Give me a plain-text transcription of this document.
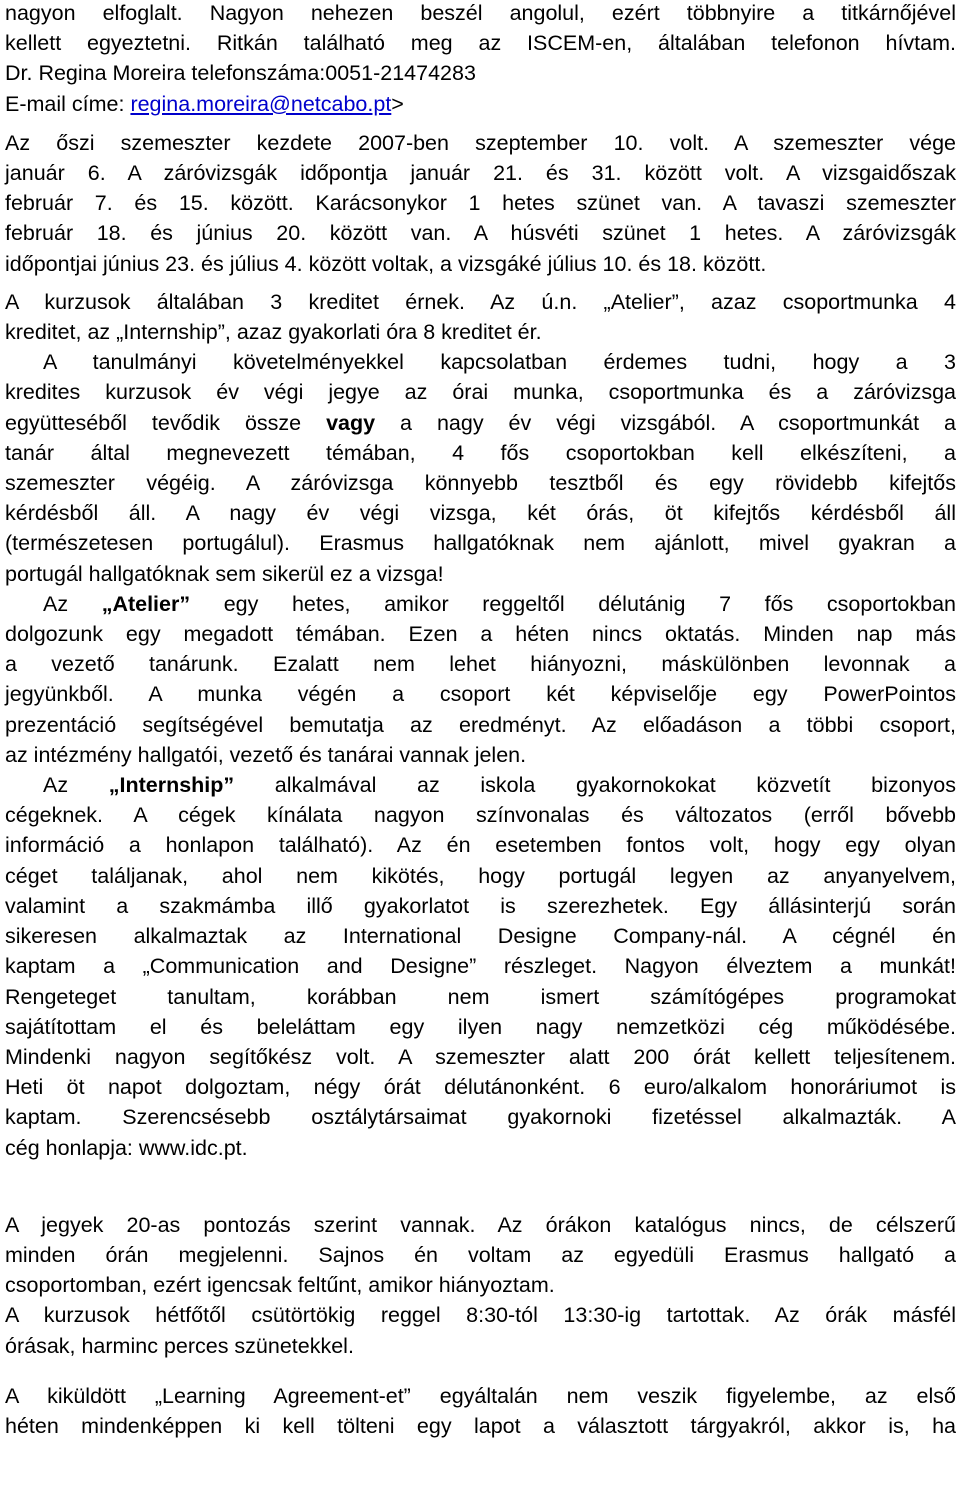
nagyon elfoglalt. Nagyon nehezen beszél angolul, ezért többnyire a titkárnőjével
kellett egyeztetni. Ritkán található meg az ISCEM-en, általában telefonon hívtam.
Dr. Regina Moreira telefonszáma:0051-21474283
E-mail címe: regina.moreira@netcabo.pt>
Az őszi szemeszter kezdete 2007-ben szeptember 10. volt. A szemeszter vége
január 6. A záróvizsgák időpontja január 21. és 31. között volt. A vizsgaidőszak
február 7. és 15. között. Karácsonykor 1 hetes szünet van. A tavaszi szemeszter
február 18. és június 20. között van. A húsvéti szünet 1 hetes. A záróvizsgák
időpontjai június 23. és július 4. között voltak, a vizsgáké július 10. és 18. között.
A kurzusok általában 3 kreditet érnek. Az ú.n. „Atelier”, azaz csoportmunka 4
kreditet, az „Internship”, azaz gyakorlati óra 8 kreditet ér.
A tanulmányi követelményekkel kapcsolatban érdemes tudni, hogy a 3
kredites kurzusok év végi jegye az órai munka, csoportmunka és a záróvizsga
együtteséből tevődik össze vagy a nagy év végi vizsgából. A csoportmunkát a
tanár által megnevezett témában, 4 fős csoportokban kell elkészíteni, a
szemeszter végéig. A záróvizsga könnyebb tesztből és egy rövidebb kifejtős
kérdésből áll. A nagy év végi vizsga, két órás, öt kifejtős kérdésből áll
(természetesen portugálul). Erasmus hallgatóknak nem ajánlott, mivel gyakran a
portugál hallgatóknak sem sikerül ez a vizsga!
Az „Atelier” egy hetes, amikor reggeltől délutánig 7 fős csoportokban
dolgozunk egy megadott témában. Ezen a héten nincs oktatás. Minden nap más
a vezető tanárunk. Ezalatt nem lehet hiányozni, máskülönben levonnak a
jegyünkből. A munka végén a csoport két képviselője egy PowerPointos
prezentáció segítségével bemutatja az eredményt. Az előadáson a többi csoport,
az intézmény hallgatói, vezető és tanárai vannak jelen.
Az „Internship” alkalmával az iskola gyakornokokat közvetít bizonyos
cégeknek. A cégek kínálata nagyon színvonalas és változatos (erről bővebb
információ a honlapon található). Az én esetemben fontos volt, hogy egy olyan
céget találjanak, ahol nem kikötés, hogy portugál legyen az anyanyelvem,
valamint a szakmámba illő gyakorlatot is szerezhetek. Egy állásinterjú során
sikeresen alkalmaztak az International Designe Company-nál. A cégnél én
kaptam a „Communication and Designe” részleget. Nagyon élveztem a munkát!
Rengeteget tanultam, korábban nem ismert számítógépes programokat
sajátítottam el és beleláttam egy ilyen nagy nemzetközi cég működésébe.
Mindenki nagyon segítőkész volt. A szemeszter alatt 200 órát kellett teljesítenem.
Heti öt napot dolgoztam, négy órát délutánonként. 6 euro/alkalom honoráriumot is
kaptam. Szerencsésebb osztálytársaimat gyakornoki fizetéssel alkalmazták. A
cég honlapja: www.idc.pt.
A jegyek 20-as pontozás szerint vannak. Az órákon katalógus nincs, de célszerű
minden órán megjelenni. Sajnos én voltam az egyedüli Erasmus hallgató a
csoportomban, ezért igencsak feltűnt, amikor hiányoztam.
A kurzusok hétfőtől csütörtökig reggel 8:30-tól 13:30-ig tartottak. Az órák másfél
órásak, harminc perces szünetekkel.
A kiküldött „Learning Agreement-et” egyáltalán nem veszik figyelembe, az első
héten mindenképpen ki kell tölteni egy lapot a választott tárgyakról, akkor is, ha
